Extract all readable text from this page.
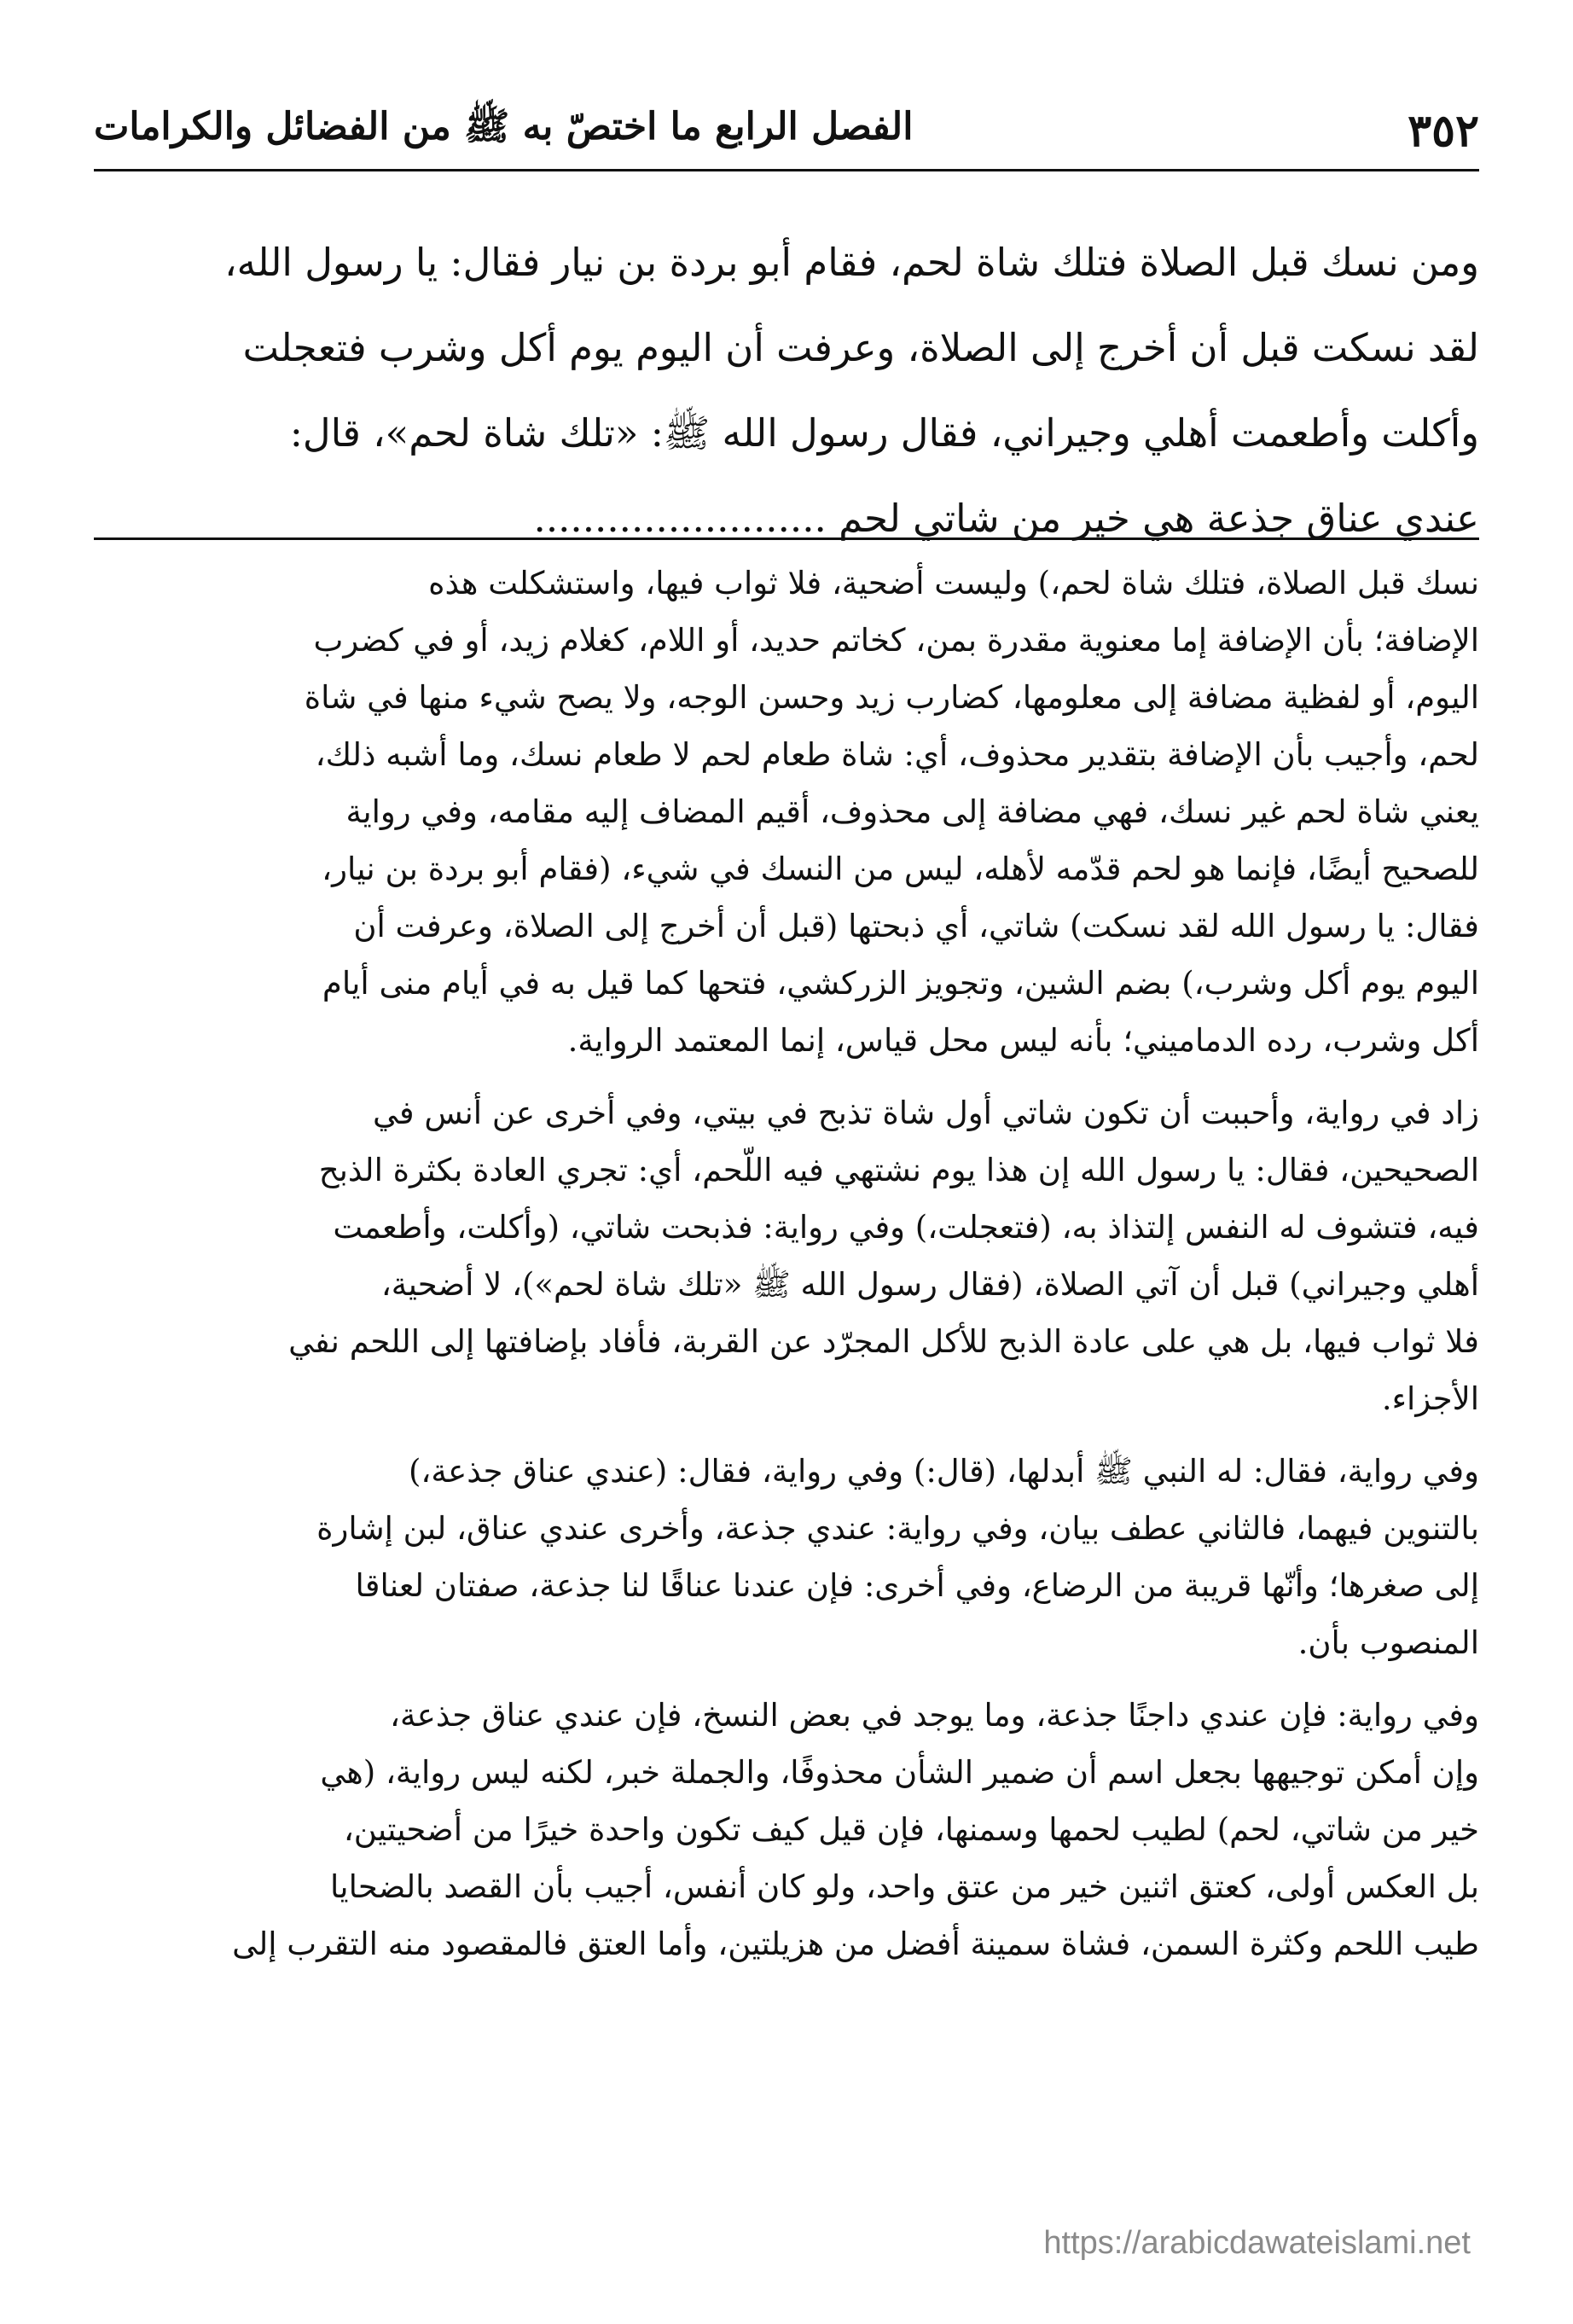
الفصل الرابع ما اختصّ به ﷺ من الفضائل والكرامات	٣٥٢
ومن نسك قبل الصلاة فتلك شاة لحم، فقام أبو بردة بن نيار فقال: يا رسول الله،
لقد نسكت قبل أن أخرج إلى الصلاة، وعرفت أن اليوم يوم أكل وشرب فتعجلت
وأكلت وأطعمت أهلي وجيراني، فقال رسول الله ﷺ: «تلك شاة لحم»، قال:
عندي عناق جذعة هي خير من شاتي لحم ........................
نسك قبل الصلاة، فتلك شاة لحم،) وليست أضحية، فلا ثواب فيها، واستشكلت هذه
الإضافة؛ بأن الإضافة إما معنوية مقدرة بمن، كخاتم حديد، أو اللام، كغلام زيد، أو في كضرب
اليوم، أو لفظية مضافة إلى معلومها، كضارب زيد وحسن الوجه، ولا يصح شيء منها في شاة
لحم، وأجيب بأن الإضافة بتقدير محذوف، أي: شاة طعام لحم لا طعام نسك، وما أشبه ذلك،
يعني شاة لحم غير نسك، فهي مضافة إلى محذوف، أقيم المضاف إليه مقامه، وفي رواية
للصحيح أيضًا، فإنما هو لحم قدّمه لأهله، ليس من النسك في شيء، (فقام أبو بردة بن نيار،
فقال: يا رسول الله لقد نسكت) شاتي، أي ذبحتها (قبل أن أخرج إلى الصلاة، وعرفت أن
اليوم يوم أكل وشرب،) بضم الشين، وتجويز الزركشي، فتحها كما قيل به في أيام منى أيام
أكل وشرب، رده الدماميني؛ بأنه ليس محل قياس، إنما المعتمد الرواية.
زاد في رواية، وأحببت أن تكون شاتي أول شاة تذبح في بيتي، وفي أخرى عن أنس في
الصحيحين، فقال: يا رسول الله إن هذا يوم نشتهي فيه اللّحم، أي: تجري العادة بكثرة الذبح
فيه، فتشوف له النفس إلتذاذ به، (فتعجلت،) وفي رواية: فذبحت شاتي، (وأكلت، وأطعمت
أهلي وجيراني) قبل أن آتي الصلاة، (فقال رسول الله ﷺ «تلك شاة لحم»)، لا أضحية،
فلا ثواب فيها، بل هي على عادة الذبح للأكل المجرّد عن القربة، فأفاد بإضافتها إلى اللحم نفي
الأجزاء.
وفي رواية، فقال: له النبي ﷺ أبدلها، (قال:) وفي رواية، فقال: (عندي عناق جذعة،)
بالتنوين فيهما، فالثاني عطف بيان، وفي رواية: عندي جذعة، وأخرى عندي عناق، لبن إشارة
إلى صغرها؛ وأنّها قريبة من الرضاع، وفي أخرى: فإن عندنا عناقًا لنا جذعة، صفتان لعناقا
المنصوب بأن.
وفي رواية: فإن عندي داجنًا جذعة، وما يوجد في بعض النسخ، فإن عندي عناق جذعة،
وإن أمكن توجيهها بجعل اسم أن ضمير الشأن محذوفًا، والجملة خبر، لكنه ليس رواية، (هي
خير من شاتي، لحم) لطيب لحمها وسمنها، فإن قيل كيف تكون واحدة خيرًا من أضحيتين،
بل العكس أولى، كعتق اثنين خير من عتق واحد، ولو كان أنفس، أجيب بأن القصد بالضحايا
طيب اللحم وكثرة السمن، فشاة سمينة أفضل من هزيلتين، وأما العتق فالمقصود منه التقرب إلى
https://arabicdawateislami.net
